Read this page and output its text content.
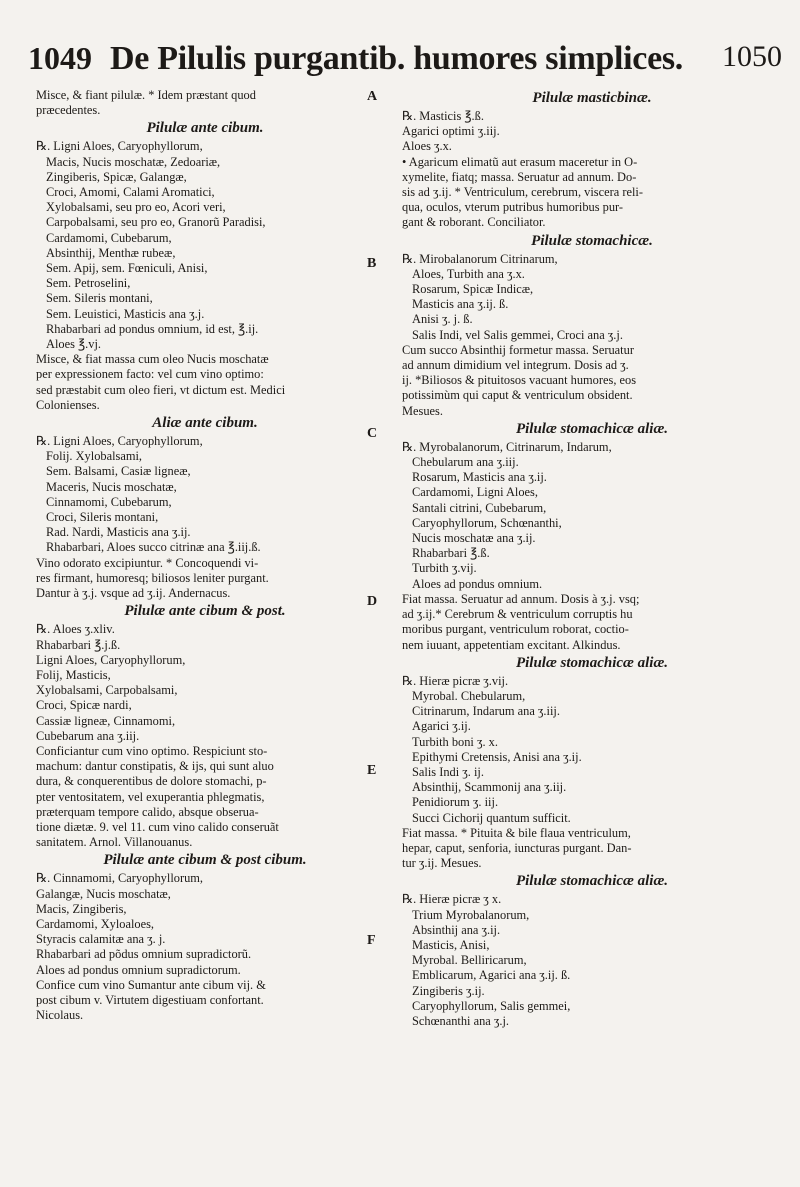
1049 De Pilulis purgantib. humores simplices. 1050
A
B
C
D
E
F
Misce, & fiant pilulæ. * Idem præstant quod
præcedentes.
Pilulæ ante cibum.
℞. Ligni Aloes, Caryophyllorum,
Macis, Nucis moschatæ, Zedoariæ,
Zingiberis, Spicæ, Galangæ,
Croci, Amomi, Calami Aromatici,
Xylobalsami, seu pro eo, Acori veri,
Carpobalsami, seu pro eo, Granorũ Paradisi,
Cardamomi, Cubebarum,
Absinthij, Menthæ rubeæ,
Sem. Apij, sem. Fœniculi, Anisi,
Sem. Petroselini,
Sem. Sileris montani,
Sem. Leuistici, Masticis ana ʒ.j.
Rhabarbari ad pondus omnium, id est, ℥.ij.
Aloes ℥.vj.
Misce, & fiat massa cum oleo Nucis moschatæ
per expressionem facto: vel cum vino optimo:
sed præstabit cum oleo fieri, vt dictum est. Medici
Colonienses.
Aliæ ante cibum.
℞. Ligni Aloes, Caryophyllorum,
Folij. Xylobalsami,
Sem. Balsami, Casiæ ligneæ,
Maceris, Nucis moschatæ,
Cinnamomi, Cubebarum,
Croci, Sileris montani,
Rad. Nardi, Masticis ana ʒ.ij.
Rhabarbari, Aloes succo citrinæ ana ℥.iij.ß.
Vino odorato excipiuntur. * Concoquendi vi-
res firmant, humoresq; biliosos leniter purgant.
Dantur à ʒ.j. vsque ad ʒ.ij. Andernacus.
Pilulæ ante cibum & post.
℞. Aloes ʒ.xliv.
Rhabarbari ℥.j.ß.
Ligni Aloes, Caryophyllorum,
Folij, Masticis,
Xylobalsami, Carpobalsami,
Croci, Spicæ nardi,
Cassiæ ligneæ, Cinnamomi,
Cubebarum ana ʒ.iij.
Conficiantur cum vino optimo. Respiciunt sto-
machum: dantur constipatis, & ijs, qui sunt aluo
dura, & conquerentibus de dolore stomachi, p-
pter ventositatem, vel exuperantia phlegmatis,
præterquam tempore calido, absque obserua-
tione diætæ. 9. vel 11. cum vino calido conseruãt
sanitatem. Arnol. Villanouanus.
Pilulæ ante cibum & post cibum.
℞. Cinnamomi, Caryophyllorum,
Galangæ, Nucis moschatæ,
Macis, Zingiberis,
Cardamomi, Xyloaloes,
Styracis calamitæ ana ʒ. j.
Rhabarbari ad põdus omnium supradictorũ.
Aloes ad pondus omnium supradictorum.
Confice cum vino Sumantur ante cibum vij. &
post cibum v. Virtutem digestiuam confortant.
Nicolaus.
Pilulæ masticbinæ.
℞. Masticis ℥.ß.
Agarici optimi ʒ.iij.
Aloes ʒ.x.
• Agaricum elimatũ aut erasum maceretur in O-
xymelite, fiatq; massa. Seruatur ad annum. Do-
sis ad ʒ.ij. * Ventriculum, cerebrum, viscera reli-
qua, oculos, vterum putribus humoribus pur-
gant & roborant. Conciliator.
Pilulæ stomachicæ.
℞. Mirobalanorum Citrinarum,
Aloes, Turbith ana ʒ.x.
Rosarum, Spicæ Indicæ,
Masticis ana ʒ.ij. ß.
Anisi ʒ. j. ß.
Salis Indi, vel Salis gemmei, Croci ana ʒ.j.
Cum succo Absinthij formetur massa. Seruatur
ad annum dimidium vel integrum. Dosis ad ʒ.
ij. *Biliosos & pituitosos vacuant humores, eos
potissimùm qui caput & ventriculum obsident.
Mesues.
Pilulæ stomachicæ aliæ.
℞. Myrobalanorum, Citrinarum, Indarum,
Chebularum ana ʒ.iij.
Rosarum, Masticis ana ʒ.ij.
Cardamomi, Ligni Aloes,
Santali citrini, Cubebarum,
Caryophyllorum, Schœnanthi,
Nucis moschatæ ana ʒ.ij.
Rhabarbari ℥.ß.
Turbith ʒ.vij.
Aloes ad pondus omnium.
Fiat massa. Seruatur ad annum. Dosis à ʒ.j. vsq;
ad ʒ.ij.* Cerebrum & ventriculum corruptis hu
moribus purgant, ventriculum roborat, coctio-
nem iuuant, appetentiam excitant. Alkindus.
Pilulæ stomachicæ aliæ.
℞. Hieræ picræ ʒ.vij.
Myrobal. Chebularum,
Citrinarum, Indarum ana ʒ.iij.
Agarici ʒ.ij.
Turbith boni ʒ. x.
Epithymi Cretensis, Anisi ana ʒ.ij.
Salis Indi ʒ. ij.
Absinthij, Scammonij ana ʒ.iij.
Penidiorum ʒ. iij.
Succi Cichorij quantum sufficit.
Fiat massa. * Pituita & bile flaua ventriculum,
hepar, caput, senforia, iuncturas purgant. Dan-
tur ʒ.ij. Mesues.
Pilulæ stomachicæ aliæ.
℞. Hieræ picræ ʒ x.
Trium Myrobalanorum,
Absinthij ana ʒ.ij.
Masticis, Anisi,
Myrobal. Belliricarum,
Emblicarum, Agarici ana ʒ.ij. ß.
Zingiberis ʒ.ij.
Caryophyllorum, Salis gemmei,
Schœnanthi ana ʒ.j.
